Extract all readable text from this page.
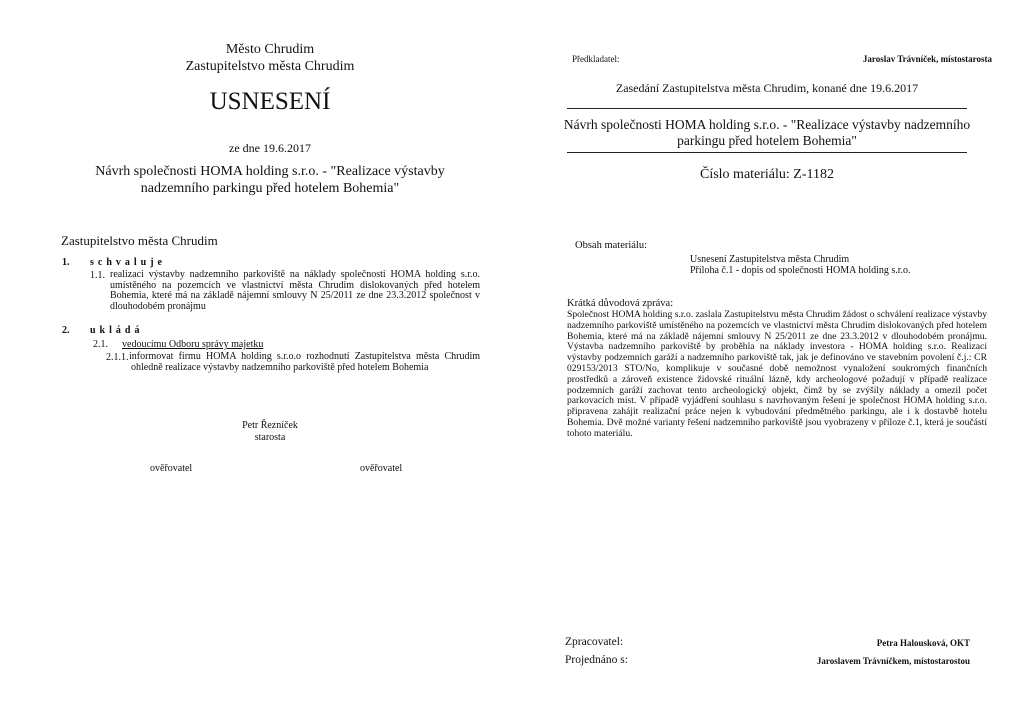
Město Chrudim
Zastupitelstvo města Chrudim
USNESENÍ
ze dne 19.6.2017
Návrh společnosti HOMA holding s.r.o. - "Realizace výstavby
nadzemního parkingu před hotelem Bohemia"
Zastupitelstvo města Chrudim
1. schvaluje
1.1. realizaci výstavby nadzemního parkoviště na náklady společnosti HOMA holding s.r.o. umístěného na pozemcích ve vlastnictví města Chrudim dislokovaných před hotelem Bohemia, které má na základě nájemní smlouvy N 25/2011 ze dne 23.3.2012 společnost v dlouhodobém pronájmu
2. ukládá
2.1. vedoucímu Odboru správy majetku
2.1.1. informovat firmu HOMA holding s.r.o.o rozhodnutí Zastupitelstva města Chrudim ohledně realizace výstavby nadzemního parkoviště před hotelem Bohemia
Petr Řezníček
starosta
ověřovatel	ověřovatel
Předkladatel:	Jaroslav Trávníček, místostarosta
Zasedání Zastupitelstva města Chrudim, konané dne 19.6.2017
Návrh společnosti HOMA holding s.r.o. - "Realizace výstavby nadzemního
parkingu před hotelem Bohemia"
Číslo materiálu: Z-1182
Obsah materiálu:
Usnesení Zastupitelstva města Chrudim
Příloha č.1 - dopis od společnosti HOMA holding s.r.o.
Krátká důvodová zpráva:
Společnost HOMA holding s.r.o. zaslala Zastupitelstvu města Chrudim žádost o schválení realizace výstavby nadzemního parkoviště umístěného na pozemcích ve vlastnictví města Chrudim dislokovaných před hotelem Bohemia, které má na základě nájemní smlouvy N 25/2011 ze dne 23.3.2012 v dlouhodobém pronájmu. Výstavba nadzemního parkoviště by proběhla na náklady investora - HOMA holding s.r.o. Realizaci výstavby podzemních garáží a nadzemního parkoviště tak, jak je definováno ve stavebním povolení č.j.: CR 029153/2013 STO/No, komplikuje v současné době nemožnost vynaložení soukromých finančních prostředků a zároveň existence židovské rituální lázně, kdy archeologové požadují v případě realizace podzemních garáží zachovat tento archeologický objekt, čímž by se zvýšily náklady a omezil počet parkovacích míst. V případě vyjádření souhlasu s navrhovaným řešení je společnost HOMA holding s.r.o. připravena zahájit realizační práce nejen k vybudování předmětného parkingu, ale i k dostavbě hotelu Bohemia. Dvě možné varianty řešení nadzemního parkoviště jsou vyobrazeny v příloze č.1, která je součástí tohoto materiálu.
Zpracovatel:	Petra Halousková, OKT
Projednáno s:	Jaroslavem Trávníčkem, místostarostou
